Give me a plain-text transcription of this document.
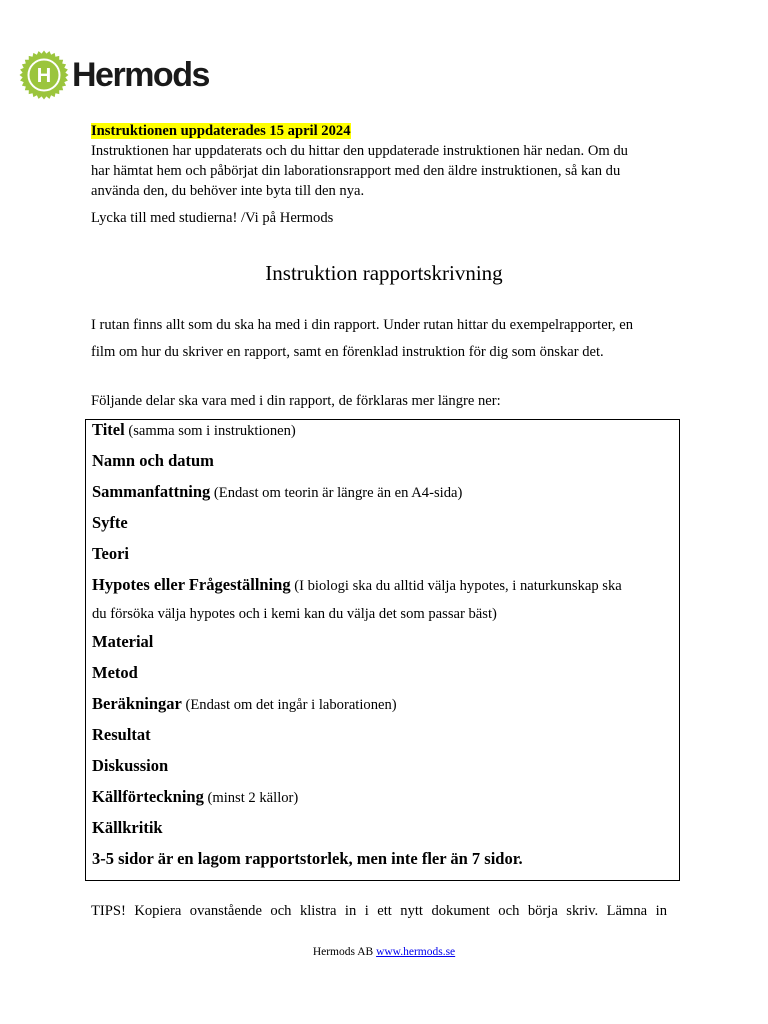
H Hermods

Instruktionen uppdaterades 15 april 2024

Instruktionen har uppdaterats och du hittar den uppdaterade instruktionen här nedan. Om du

har hämtat hem och påbörjat din laborationsrapport med den äldre instruktionen, så kan du

använda den, du behöver inte byta till den nya.

Lycka till med studierna! /Vi på Hermods

Instruktion rapportskrivning

I rutan finns allt som du ska ha med i din rapport. Under rutan hittar du exempelrapporter, en

film om hur du skriver en rapport, samt en förenklad instruktion för dig som önskar det.

Följande delar ska vara med i din rapport, de förklaras mer längre ner:

Titel (samma som i instruktionen)
Namn och datum
Sammanfattning (Endast om teorin är längre än en A4-sida)
Syfte
Teori
Hypotes eller Frågeställning (I biologi ska du alltid välja hypotes, i naturkunskap ska
du försöka välja hypotes och i kemi kan du välja det som passar bäst)
Material
Metod
Beräkningar (Endast om det ingår i laborationen)
Resultat
Diskussion
Källförteckning (minst 2 källor)
Källkritik
3-5 sidor är en lagom rapportstorlek, men inte fler än 7 sidor.

TIPS! Kopiera ovanstående och klistra in i ett nytt dokument och börja skriv. Lämna in

Hermods AB www.hermods.se
